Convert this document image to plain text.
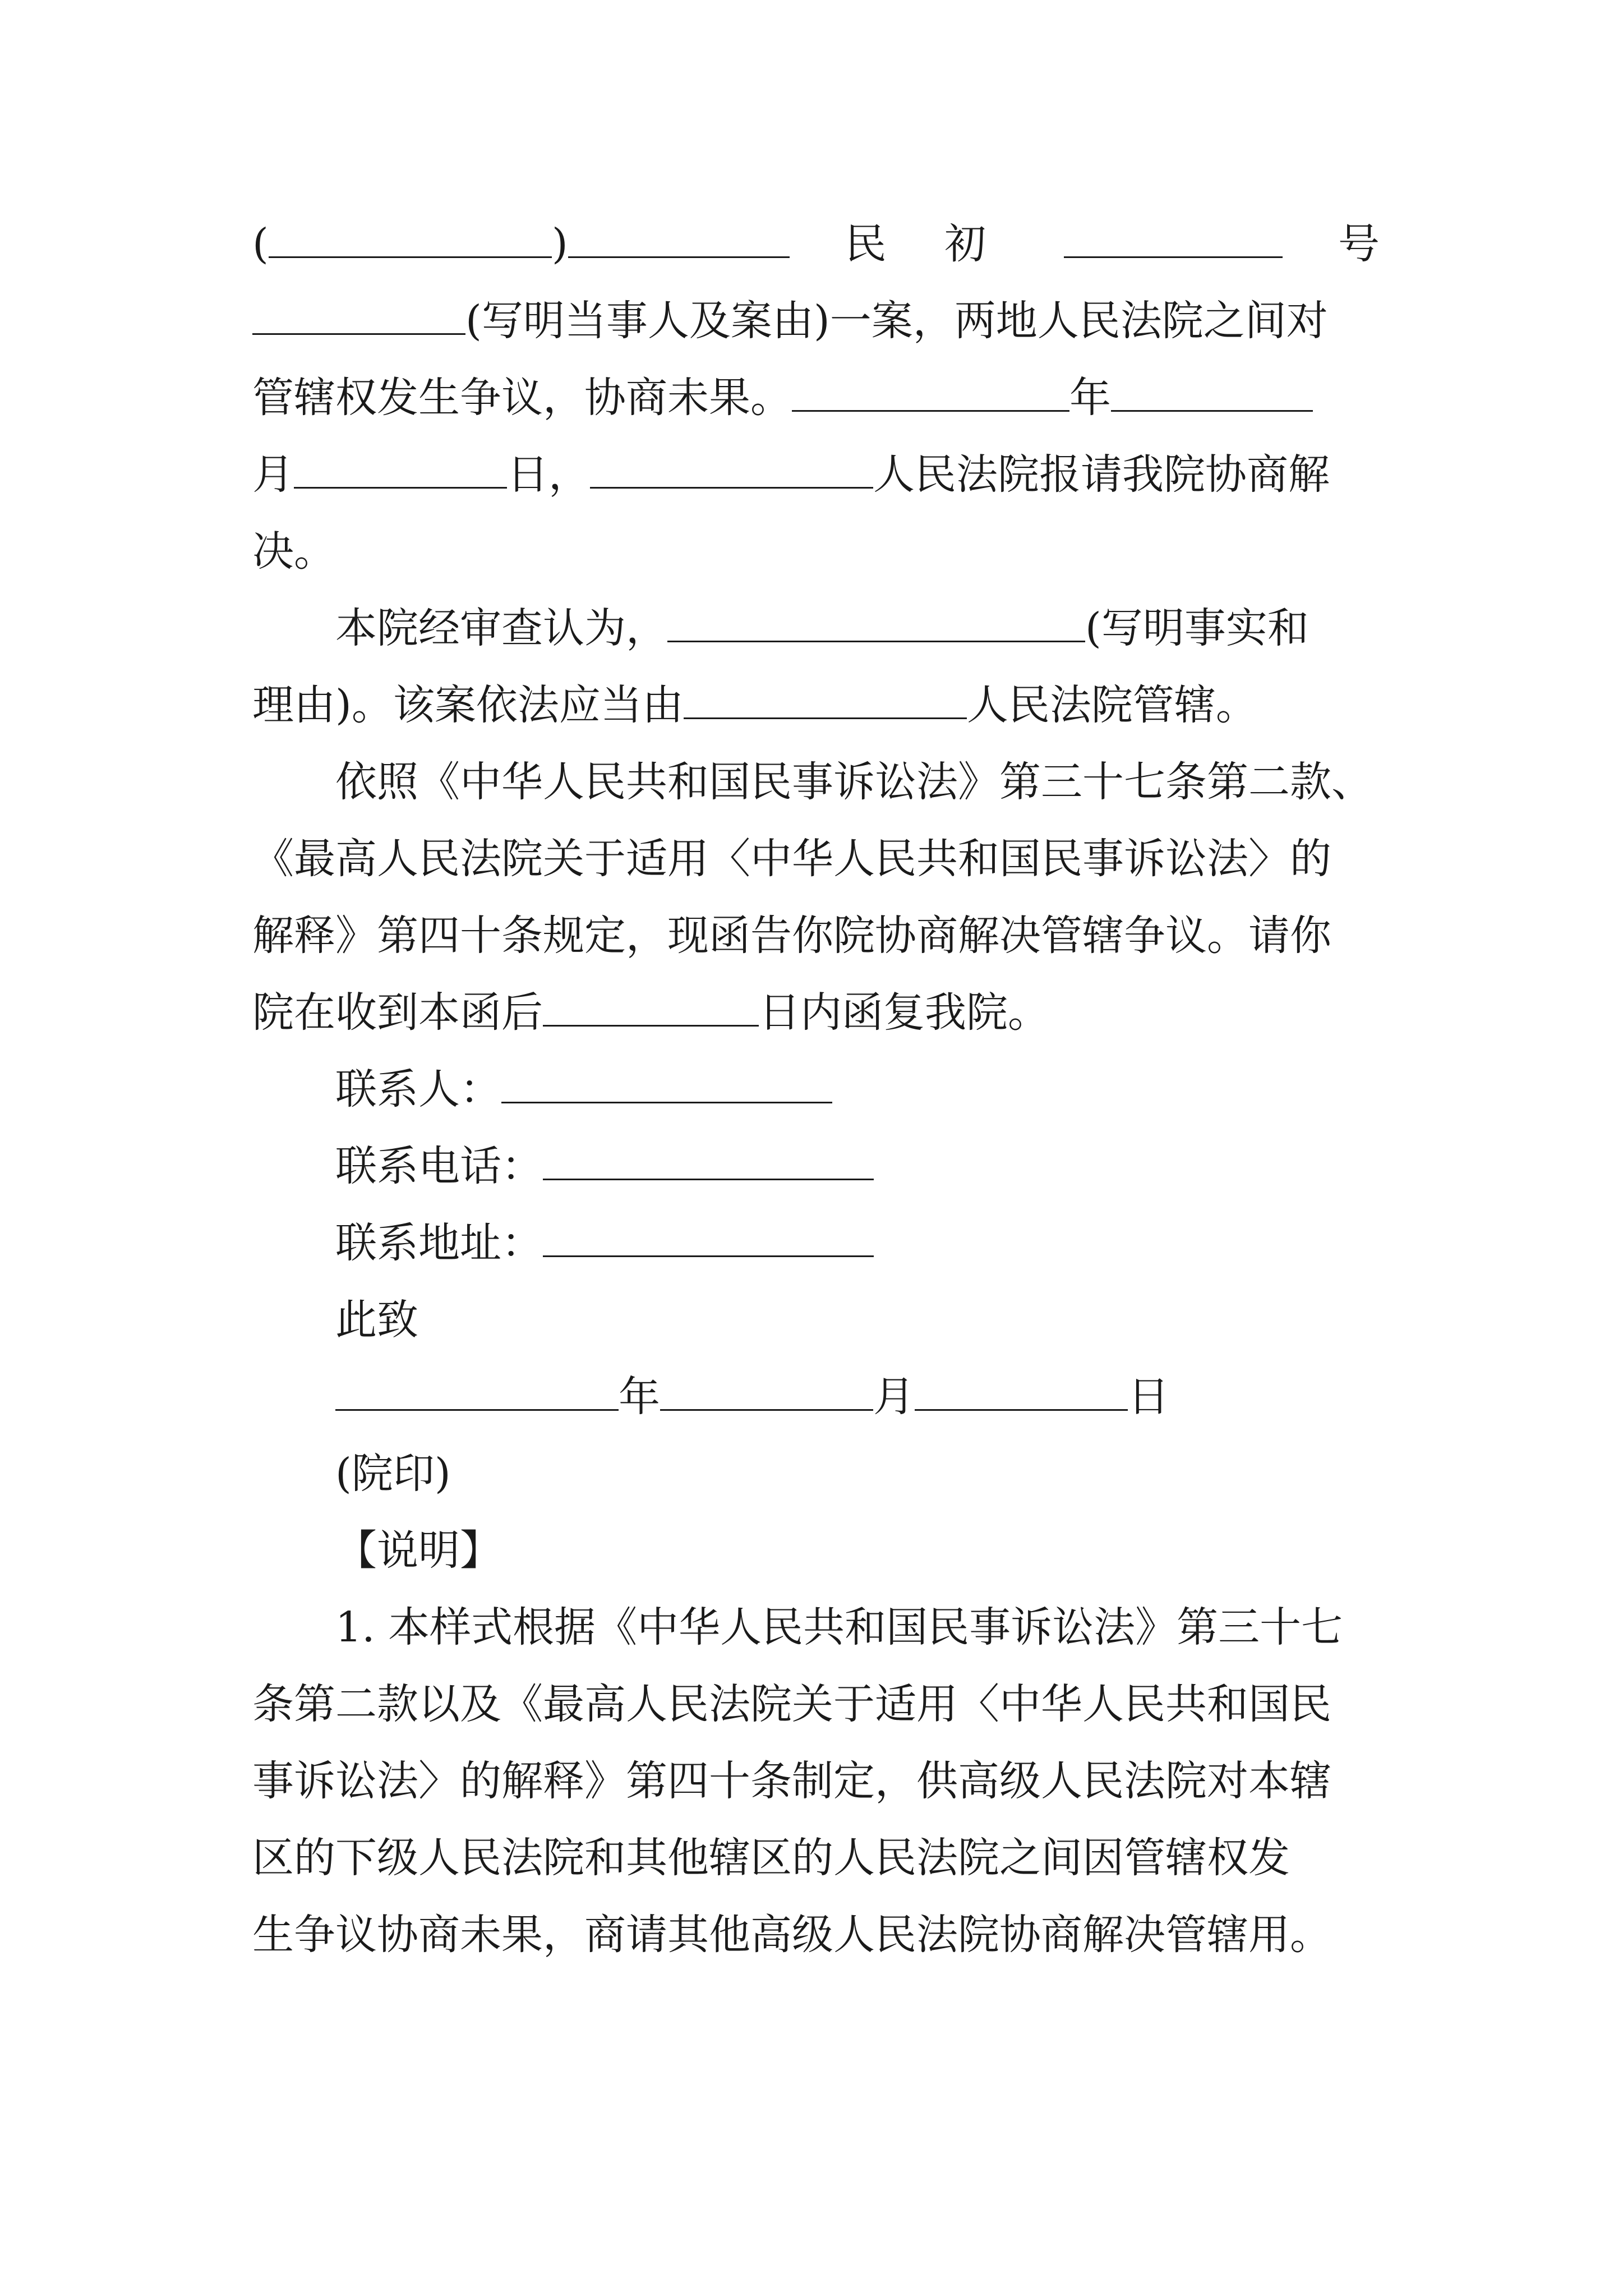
(	)	民 初	号
(写明当事人及案由)一案，两地人民法院之间对
管辖权发生争议，协商未果。	年
月	日，	人民法院报请我院协商解
决。
本院经审查认为，	(写明事实和
理由)。该案依法应当由	人民法院管辖。
依照《中华人民共和国民事诉讼法》第三十七条第二款、
《最高人民法院关于适用〈中华人民共和国民事诉讼法〉的
解释》第四十条规定，现函告你院协商解决管辖争议。请你
院在收到本函后	日内函复我院。
联系人：
联系电话：
联系地址：
此致
年	月	日
(院印)
【说明】
1. 本样式根据《中华人民共和国民事诉讼法》第三十七
条第二款以及《最高人民法院关于适用〈中华人民共和国民
事诉讼法〉的解释》第四十条制定，供高级人民法院对本辖
区的下级人民法院和其他辖区的人民法院之间因管辖权发
生争议协商未果，商请其他高级人民法院协商解决管辖用。
